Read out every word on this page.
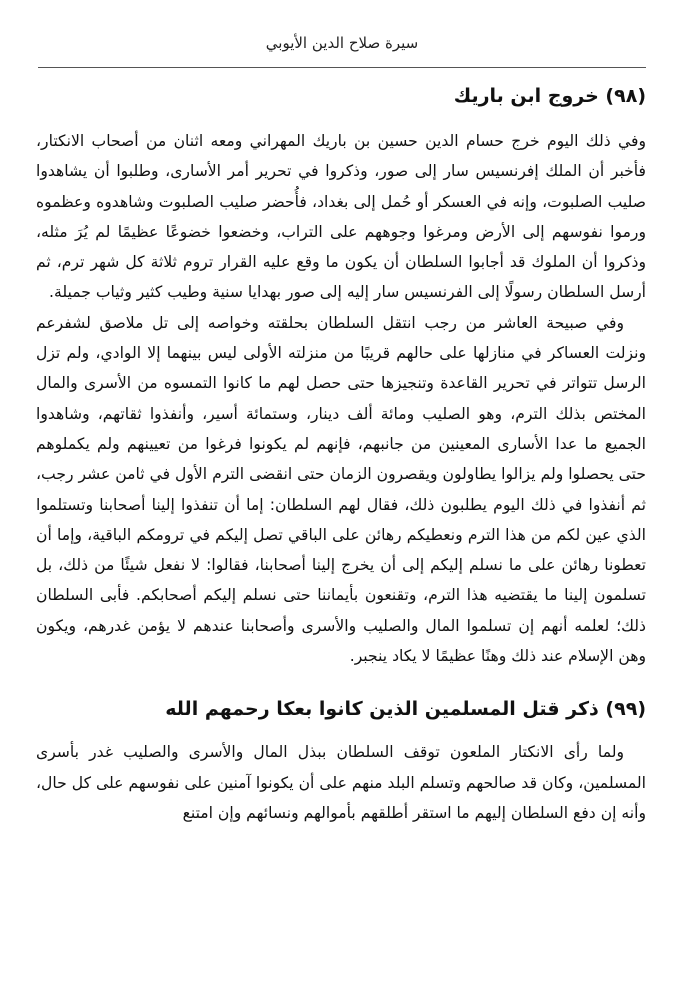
سيرة صلاح الدين الأيوبي
(٩٨) خروج ابن باريك

وفي ذلك اليوم خرج حسام الدين حسين بن باريك المهراني ومعه اثنان من أصحاب الانكتار، فأخبر أن الملك إفرنسيس سار إلى صور، وذكروا في تحرير أمر الأسارى، وطلبوا أن يشاهدوا صليب الصلبوت، وإنه في العسكر أو حُمل إلى بغداد، فأُحضر صليب الصلبوت وشاهدوه وعظموه ورموا نفوسهم إلى الأرض ومرغوا وجوههم على التراب، وخضعوا خضوعًا عظيمًا لم يُرَ مثله، وذكروا أن الملوك قد أجابوا السلطان أن يكون ما وقع عليه القرار تروم ثلاثة كل شهر ترم، ثم أرسل السلطان رسولًا إلى الفرنسيس سار إليه إلى صور بهدايا سنية وطيب كثير وثياب جميلة.

وفي صبيحة العاشر من رجب انتقل السلطان بحلقته وخواصه إلى تل ملاصق لشفرعم ونزلت العساكر في منازلها على حالهم قريبًا من منزلته الأولى ليس بينهما إلا الوادي، ولم تزل الرسل تتواتر في تحرير القاعدة وتنجيزها حتى حصل لهم ما كانوا التمسوه من الأسرى والمال المختص بذلك الترم، وهو الصليب ومائة ألف دينار، وستمائة أسير، وأنفذوا ثقاتهم، وشاهدوا الجميع ما عدا الأسارى المعينين من جانبهم، فإنهم لم يكونوا فرغوا من تعيينهم ولم يكملوهم حتى يحصلوا ولم يزالوا يطاولون ويقصرون الزمان حتى انقضى الترم الأول في ثامن عشر رجب، ثم أنفذوا في ذلك اليوم يطلبون ذلك، فقال لهم السلطان: إما أن تنفذوا إلينا أصحابنا وتستلموا الذي عين لكم من هذا الترم ونعطيكم رهائن على الباقي تصل إليكم في ترومكم الباقية، وإما أن تعطونا رهائن على ما نسلم إليكم إلى أن يخرج إلينا أصحابنا، فقالوا: لا نفعل شيئًا من ذلك، بل تسلمون إلينا ما يقتضيه هذا الترم، وتقنعون بأيماننا حتى نسلم إليكم أصحابكم. فأبى السلطان ذلك؛ لعلمه أنهم إن تسلموا المال والصليب والأسرى وأصحابنا عندهم لا يؤمن غدرهم، ويكون وهن الإسلام عند ذلك وهنًا عظيمًا لا يكاد ينجبر.

(٩٩) ذكر قتل المسلمين الذين كانوا بعكا رحمهم الله

ولما رأى الانكتار الملعون توقف السلطان ببذل المال والأسرى والصليب غدر بأسرى المسلمين، وكان قد صالحهم وتسلم البلد منهم على أن يكونوا آمنين على نفوسهم على كل حال، وأنه إن دفع السلطان إليهم ما استقر أطلقهم بأموالهم ونسائهم وإن امتنع
